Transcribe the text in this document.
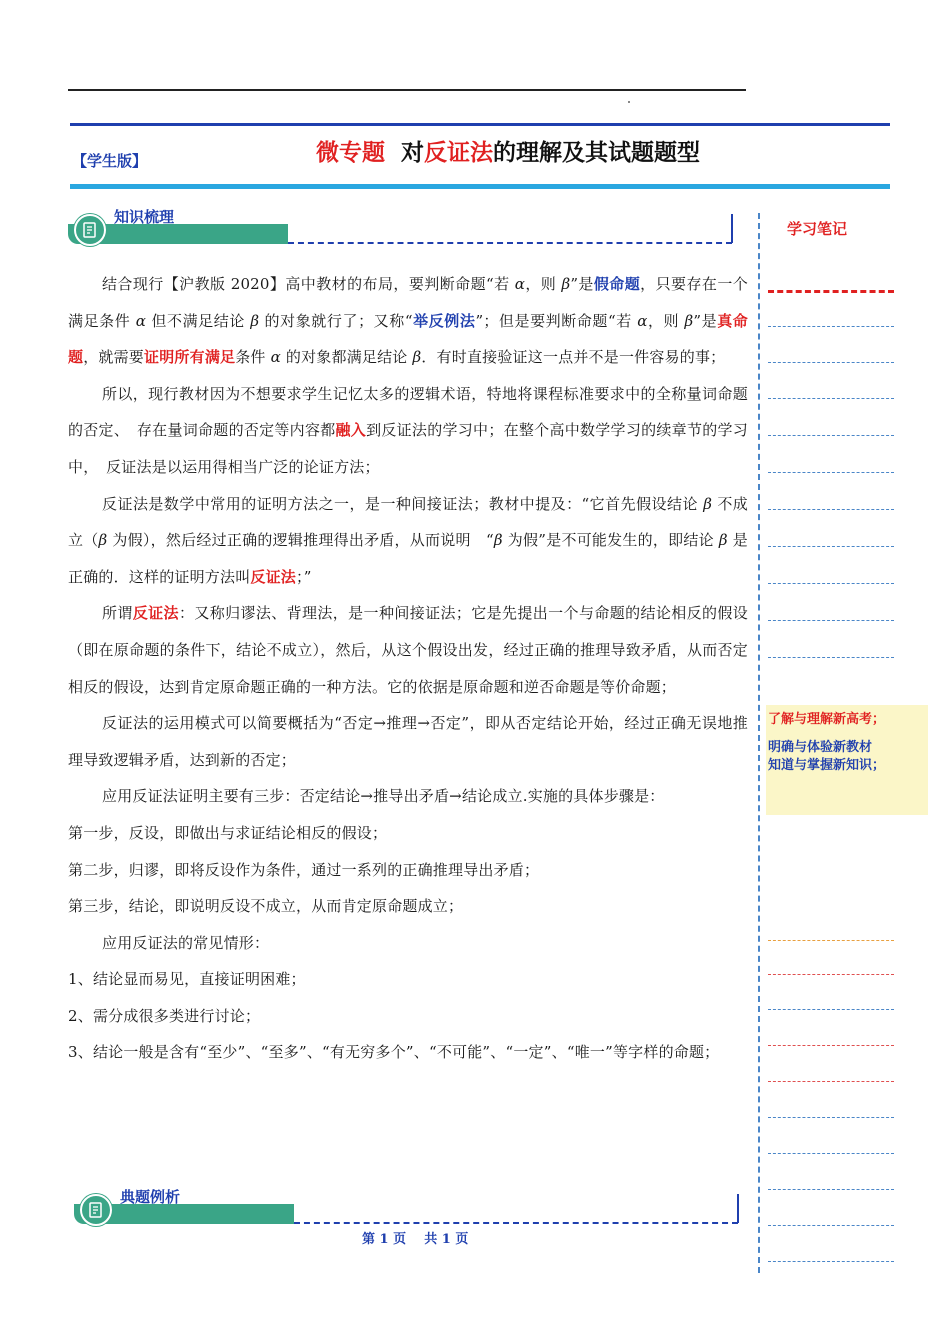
【学生版】	微专题 对反证法的理解及其试题题型
知识梳理
学习笔记
了解与理解新高考；
明确与体验新教材
知道与掌握新知识；

结合现行【沪教版 2020】高中教材的布局，要判断命题“若 α，则 β”是假命题，只要存在一个满足条件 α 但不满足结论 β 的对象就行了；又称“举反例法”；但是要判断命题“若 α，则 β”是真命题，就需要证明所有满足条件 α 的对象都满足结论 β．有时直接验证这一点并不是一件容易的事；

所以，现行教材因为不想要求学生记忆太多的逻辑术语，特地将课程标准要求中的全称量词命题的否定、　存在量词命题的否定等内容都融入到反证法的学习中；在整个高中数学学习的续章节的学习中，　反证法是以运用得相当广泛的论证方法；

反证法是数学中常用的证明方法之一，是一种间接证法；教材中提及：“它首先假设结论 β 不成立（β 为假），然后经过正确的逻辑推理得出矛盾，从而说明　“β 为假”是不可能发生的，即结论 β 是正确的．这样的证明方法叫反证法；”

所谓反证法：又称归谬法、背理法，是一种间接证法；它是先提出一个与命题的结论相反的假设（即在原命题的条件下，结论不成立），然后，从这个假设出发，经过正确的推理导致矛盾，从而否定相反的假设，达到肯定原命题正确的一种方法。它的依据是原命题和逆否命题是等价命题；

反证法的运用模式可以简要概括为“否定→推理→否定”，即从否定结论开始，经过正确无误地推理导致逻辑矛盾，达到新的否定；

应用反证法证明主要有三步：否定结论→推导出矛盾→结论成立.实施的具体步骤是：

第一步，反设，即做出与求证结论相反的假设；

第二步，归谬，即将反设作为条件，通过一系列的正确推理导出矛盾；

第三步，结论，即说明反设不成立，从而肯定原命题成立；

应用反证法的常见情形：

1、结论显而易见，直接证明困难；

2、需分成很多类进行讨论；

3、结论一般是含有“至少”、“至多”、“有无穷多个”、“不可能”、“一定”、“唯一”等字样的命题；

典题例析
第 1 页 共 1 页
